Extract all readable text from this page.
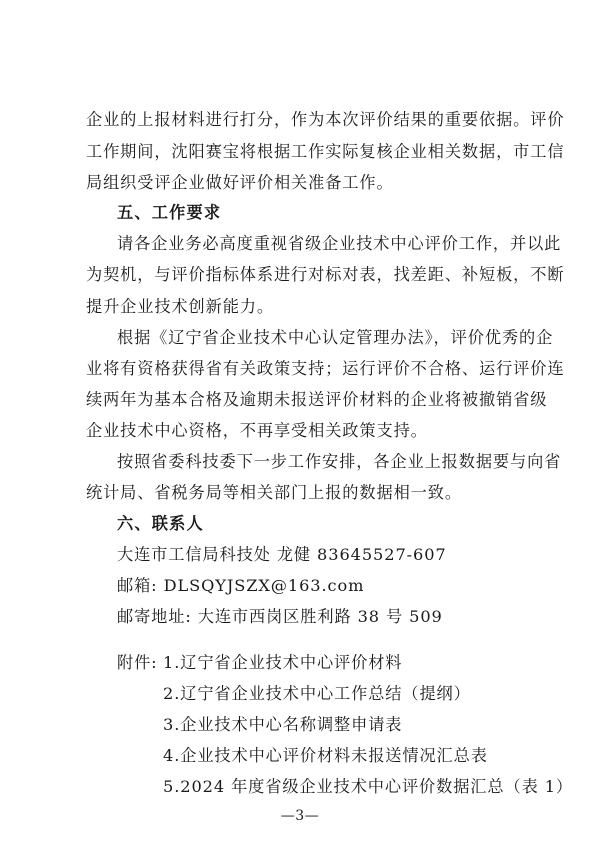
企业的上报材料进行打分，作为本次评价结果的重要依据。评价
工作期间，沈阳赛宝将根据工作实际复核企业相关数据，市工信
局组织受评企业做好评价相关准备工作。
五、工作要求
请各企业务必高度重视省级企业技术中心评价工作，并以此
为契机，与评价指标体系进行对标对表，找差距、补短板，不断
提升企业技术创新能力。
根据《辽宁省企业技术中心认定管理办法》，评价优秀的企
业将有资格获得省有关政策支持；运行评价不合格、运行评价连
续两年为基本合格及逾期未报送评价材料的企业将被撤销省级
企业技术中心资格，不再享受相关政策支持。
按照省委科技委下一步工作安排，各企业上报数据要与向省
统计局、省税务局等相关部门上报的数据相一致。
六、联系人
大连市工信局科技处 龙健 83645527-607
邮箱: DLSQYJSZX@163.com
邮寄地址: 大连市西岗区胜利路 38 号 509
附件: 1.辽宁省企业技术中心评价材料
2.辽宁省企业技术中心工作总结（提纲）
3.企业技术中心名称调整申请表
4.企业技术中心评价材料未报送情况汇总表
5.2024 年度省级企业技术中心评价数据汇总（表 1）
—3—
